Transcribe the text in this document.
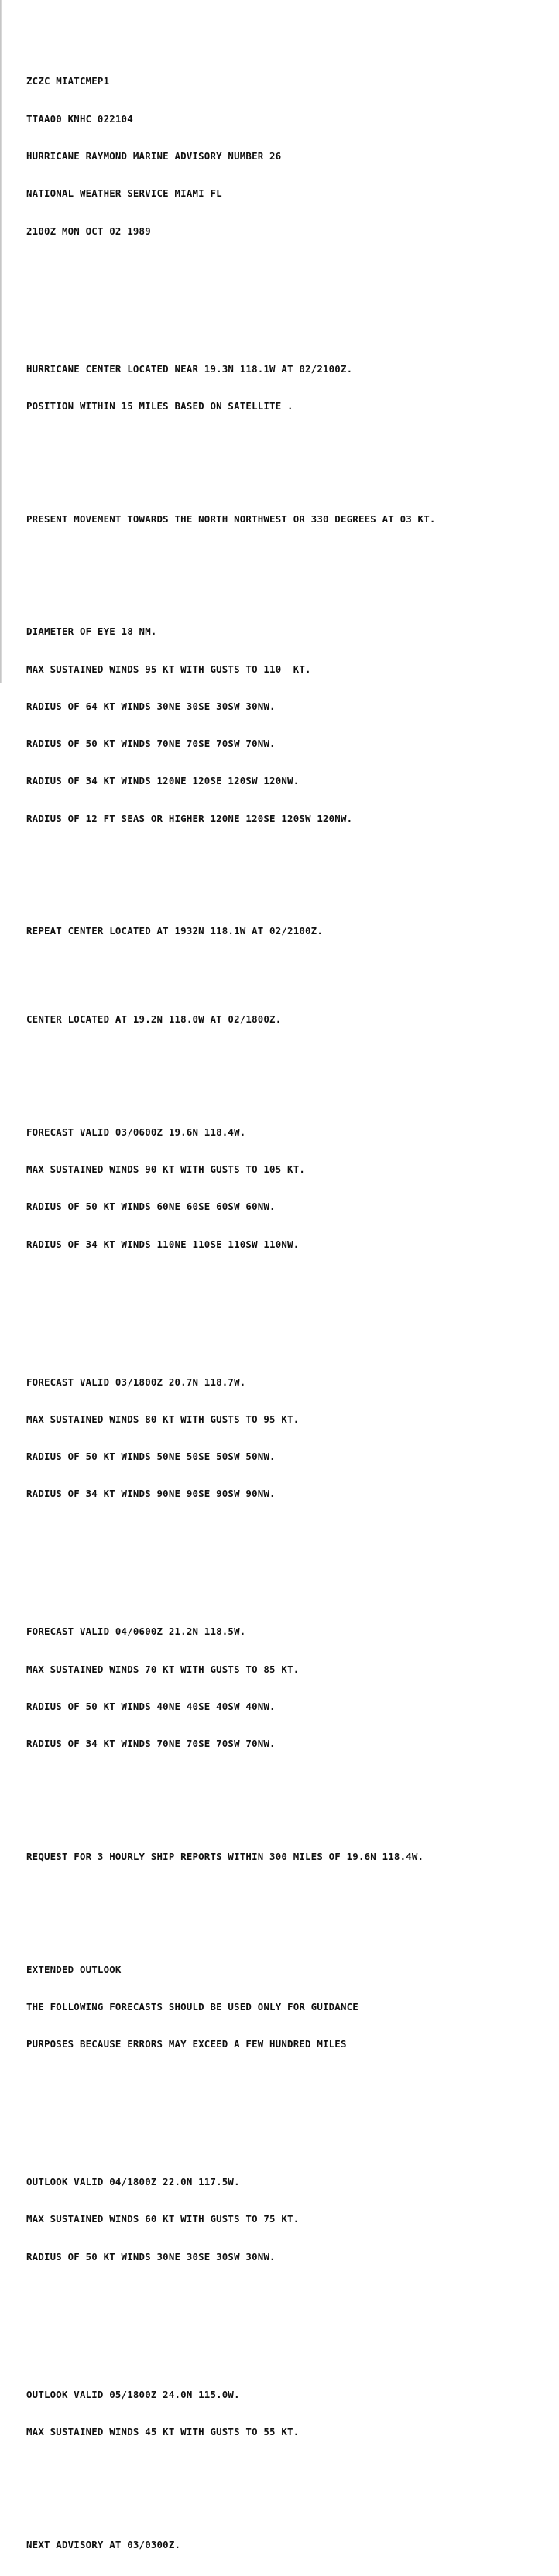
ZCZC MIATCMEP1

TTAA00 KNHC 022104

HURRICANE RAYMOND MARINE ADVISORY NUMBER 26

NATIONAL WEATHER SERVICE MIAMI FL

2100Z MON OCT 02 1989

HURRICANE CENTER LOCATED NEAR 19.3N 118.1W AT 02/2100Z.

POSITION WITHIN 15 MILES BASED ON SATELLITE .

PRESENT MOVEMENT TOWARDS THE NORTH NORTHWEST OR 330 DEGREES AT 03 KT.

DIAMETER OF EYE 18 NM.

MAX SUSTAINED WINDS 95 KT WITH GUSTS TO 110  KT.

RADIUS OF 64 KT WINDS 30NE 30SE 30SW 30NW.

RADIUS OF 50 KT WINDS 70NE 70SE 70SW 70NW.

RADIUS OF 34 KT WINDS 120NE 120SE 120SW 120NW.

RADIUS OF 12 FT SEAS OR HIGHER 120NE 120SE 120SW 120NW.

REPEAT CENTER LOCATED AT 1932N 118.1W AT 02/2100Z.

CENTER LOCATED AT 19.2N 118.0W AT 02/1800Z.

FORECAST VALID 03/0600Z 19.6N 118.4W.

MAX SUSTAINED WINDS 90 KT WITH GUSTS TO 105 KT.

RADIUS OF 50 KT WINDS 60NE 60SE 60SW 60NW.

RADIUS OF 34 KT WINDS 110NE 110SE 110SW 110NW.

FORECAST VALID 03/1800Z 20.7N 118.7W.

MAX SUSTAINED WINDS 80 KT WITH GUSTS TO 95 KT.

RADIUS OF 50 KT WINDS 50NE 50SE 50SW 50NW.

RADIUS OF 34 KT WINDS 90NE 90SE 90SW 90NW.

FORECAST VALID 04/0600Z 21.2N 118.5W.

MAX SUSTAINED WINDS 70 KT WITH GUSTS TO 85 KT.

RADIUS OF 50 KT WINDS 40NE 40SE 40SW 40NW.

RADIUS OF 34 KT WINDS 70NE 70SE 70SW 70NW.

REQUEST FOR 3 HOURLY SHIP REPORTS WITHIN 300 MILES OF 19.6N 118.4W.

EXTENDED OUTLOOK

THE FOLLOWING FORECASTS SHOULD BE USED ONLY FOR GUIDANCE

PURPOSES BECAUSE ERRORS MAY EXCEED A FEW HUNDRED MILES

OUTLOOK VALID 04/1800Z 22.0N 117.5W.

MAX SUSTAINED WINDS 60 KT WITH GUSTS TO 75 KT.

RADIUS OF 50 KT WINDS 30NE 30SE 30SW 30NW.

OUTLOOK VALID 05/1800Z 24.0N 115.0W.

MAX SUSTAINED WINDS 45 KT WITH GUSTS TO 55 KT.

NEXT ADVISORY AT 03/0300Z.
